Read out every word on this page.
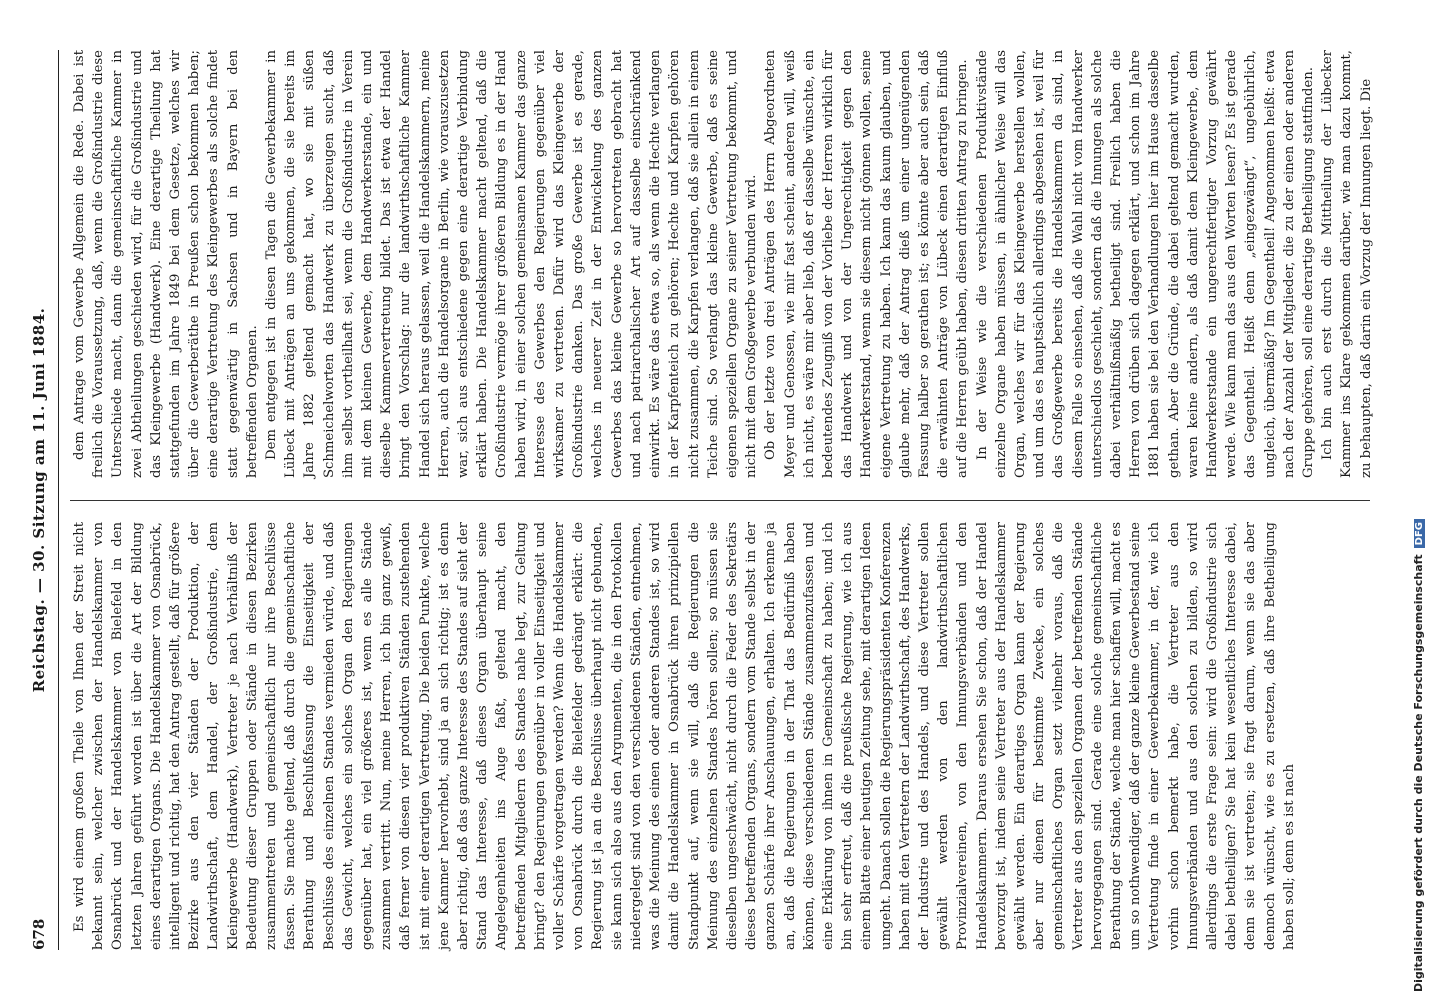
678
Reichstag. — 30. Sitzung am 11. Juni 1884.

Es wird einem großen Theile von Ihnen der Streit nicht bekannt sein, welcher zwischen der Handelskammer von Osnabrück und der Handelskammer von Bielefeld in den letzten Jahren geführt worden ist über die Art der Bildung eines derartigen Organs. Die Handelskammer von Osnabrück, intelligent und richtig, hat den Antrag gestellt, daß für größere Bezirke aus den vier Ständen der Produktion, der Landwirthschaft, dem Handel, der Großindustrie, dem Kleingewerbe (Handwerk), Vertreter je nach Verhältniß der Bedeutung dieser Gruppen oder Stände in diesen Bezirken zusammentreten und gemeinschaftlich nur ihre Beschlüsse fassen. Sie machte geltend, daß durch die gemeinschaftliche Berathung und Beschlußfassung die Einseitigkeit der Beschlüsse des einzelnen Standes vermieden würde, und daß das Gewicht, welches ein solches Organ den Regierungen gegenüber hat, ein viel größeres ist, wenn es alle Stände zusammen vertritt. Nun, meine Herren, ich bin ganz gewiß, daß ferner von diesen vier produktiven Ständen zustehenden ist mit einer derartigen Vertretung. Die beiden Punkte, welche jene Kammer hervorhebt, sind ja an sich richtig; ist es denn aber richtig, daß das ganze Interesse des Standes auf sieht der Stand das Interesse, daß dieses Organ überhaupt seine Angelegenheiten ins Auge faßt, geltend macht, den betreffenden Mitgliedern des Standes nahe legt, zur Geltung bringt? den Regierungen gegenüber in voller Einseitigkeit und voller Schärfe vorgetragen werden? Wenn die Handelskammer von Osnabrück durch die Bielefelder gedrängt erklärt: die Regierung ist ja an die Beschlüsse überhaupt nicht gebunden, sie kann sich also aus den Argumenten, die in den Protokollen niedergelegt sind von den verschiedenen Ständen, entnehmen, was die Meinung des einen oder anderen Standes ist, so wird damit die Handelskammer in Osnabrück ihren prinzipiellen Standpunkt auf, wenn sie will, daß die Regierungen die Meinung des einzelnen Standes hören sollen; so müssen sie dieselben ungeschwächt, nicht durch die Feder des Sekretärs dieses betreffenden Organs, sondern vom Stande selbst in der ganzen Schärfe ihrer Anschauungen, erhalten. Ich erkenne ja an, daß die Regierungen in der That das Bedürfniß haben können, diese verschiedenen Stände zusammenzufassen und eine Erklärung von ihnen in Gemeinschaft zu haben; und ich bin sehr erfreut, daß die preußische Regierung, wie ich aus einem Blatte einer heutigen Zeitung sehe, mit derartigen Ideen umgeht. Danach sollen die Regierungspräsidenten Konferenzen haben mit den Vertretern der Landwirthschaft, des Handwerks, der Industrie und des Handels, und diese Vertreter sollen gewählt werden von den landwirthschaftlichen Provinzialvereinen, von den Innungsverbänden und den Handelskammern. Daraus ersehen Sie schon, daß der Handel bevorzugt ist, indem seine Vertreter aus der Handelskammer gewählt werden. Ein derartiges Organ kann der Regierung aber nur dienen für bestimmte Zwecke, ein solches gemeinschaftliches Organ setzt vielmehr voraus, daß die Vertreter aus den speziellen Organen der betreffenden Stände hervorgegangen sind. Gerade eine solche gemeinschaftliche Berathung der Stände, welche man hier schaffen will, macht es um so nothwendiger, daß der ganze kleine Gewerbestand seine Vertretung finde in einer Gewerbekammer, in der, wie ich vorhin schon bemerkt habe, die Vertreter aus den Innungsverbänden und aus den solchen zu bilden, so wird allerdings die erste Frage sein: wird die Großindustrie sich dabei betheiligen? Sie hat kein wesentliches Interesse dabei, denn sie ist vertreten; sie fragt darum, wenn sie das aber dennoch wünscht, wie es zu ersetzen, daß ihre Betheiligung haben soll; denn es ist nach

dem Antrage vom Gewerbe Allgemein die Rede. Dabei ist freilich die Voraussetzung, daß, wenn die Großindustrie diese Unterschiede macht, dann die gemeinschaftliche Kammer in zwei Abtheilungen geschieden wird, für die Großindustrie und das Kleingewerbe (Handwerk). Eine derartige Theilung hat stattgefunden im Jahre 1849 bei dem Gesetze, welches wir über die Gewerberäthe in Preußen schon bekommen haben; eine derartige Vertretung des Kleingewerbes als solche findet statt gegenwärtig in Sachsen und in Bayern bei den betreffenden Organen. Dem entgegen ist in diesen Tagen die Gewerbekammer in Lübeck mit Anträgen an uns gekommen, die sie bereits im Jahre 1882 geltend gemacht hat, wo sie mit süßen Schmeichelworten das Handwerk zu überzeugen sucht, daß ihm selbst vortheilhaft sei, wenn die Großindustrie in Verein mit dem kleinen Gewerbe, dem Handwerkerstande, ein und dieselbe Kammervertretung bildet. Das ist etwa der Handel bringt den Vorschlag: nur die landwirthschaftliche Kammer Handel sich heraus gelassen, weil die Handelskammern, meine Herren, auch die Handelsorgane in Berlin, wie vorauszusetzen war, sich aus entschiedene gegen eine derartige Verbindung erklärt haben. Die Handelskammer macht geltend, daß die Großindustrie vermöge ihrer größeren Bildung es in der Hand haben wird, in einer solchen gemeinsamen Kammer das ganze Interesse des Gewerbes den Regierungen gegenüber viel wirksamer zu vertreten. Dafür wird das Kleingewerbe der Großindustrie danken. Das große Gewerbe ist es gerade, welches in neuerer Zeit in der Entwickelung des ganzen Gewerbes das kleine Gewerbe so hervortreten gebracht hat und nach patriarchalischer Art auf dasselbe einschränkend einwirkt. Es wäre das etwa so, als wenn die Hechte verlangen in der Karpfenteich zu gehören; Hechte und Karpfen gehören nicht zusammen, die Karpfen verlangen, daß sie allein in einem Teiche sind. So verlangt das kleine Gewerbe, daß es seine eigenen speziellen Organe zu seiner Vertretung bekommt, und nicht mit dem Großgewerbe verbunden wird. Ob der letzte von drei Anträgen des Herrn Abgeordneten Meyer und Genossen, wie mir fast scheint, anderen will, weiß ich nicht, es wäre mir aber lieb, daß er dasselbe wünschte, ein bedeutendes Zeugniß von der Vorliebe der Herren wirklich für das Handwerk und von der Ungerechtigkeit gegen den Handwerkerstand, wenn sie diesem nicht gönnen wollen, seine eigene Vertretung zu haben. Ich kann das kaum glauben, und glaube mehr, daß der Antrag dieß um einer ungenügenden Fassung halber so gerathen ist; es könnte aber auch sein, daß die erwähnten Anträge von Lübeck einen derartigen Einfluß auf die Herren geübt haben, diesen dritten Antrag zu bringen. In der Weise wie die verschiedenen Produktivstände einzelne Organe haben müssen, in ähnlicher Weise will das Organ, welches wir für das Kleingewerbe herstellen wollen, und um das es hauptsächlich allerdings abgesehen ist, weil für das Großgewerbe bereits die Handelskammern da sind, in diesem Falle so einsehen, daß die Wahl nicht vom Handwerker unterschiedlos geschieht, sondern daß die Innungen als solche dabei verhältnißmäßig betheiligt sind. Freilich haben die Herren von drüben sich dagegen erklärt, und schon im Jahre 1881 haben sie bei den Verhandlungen hier im Hause dasselbe gethan. Aber die Gründe, die dabei geltend gemacht wurden, waren keine andern, als daß damit dem Kleingewerbe, dem Handwerkerstande ein ungerechtfertigter Vorzug gewährt werde. Wie kann man das aus den Worten lesen? Es ist gerade das Gegentheil. Heißt denn „eingezwängt“, ungebührlich, ungleich, übermäßig? Im Gegentheil! Angenommen heißt: etwa nach der Anzahl der Mitglieder, die zu der einen oder anderen Gruppe gehören, soll eine derartige Betheiligung stattfinden. Ich bin auch erst durch die Mittheilung der Lübecker Kammer ins Klare gekommen darüber, wie man dazu kommt, zu behaupten, daß darin ein Vorzug der Innungen liegt. Die

Digitalisierung gefördert durch die Deutsche ForschungsgemeinschaftDFG
